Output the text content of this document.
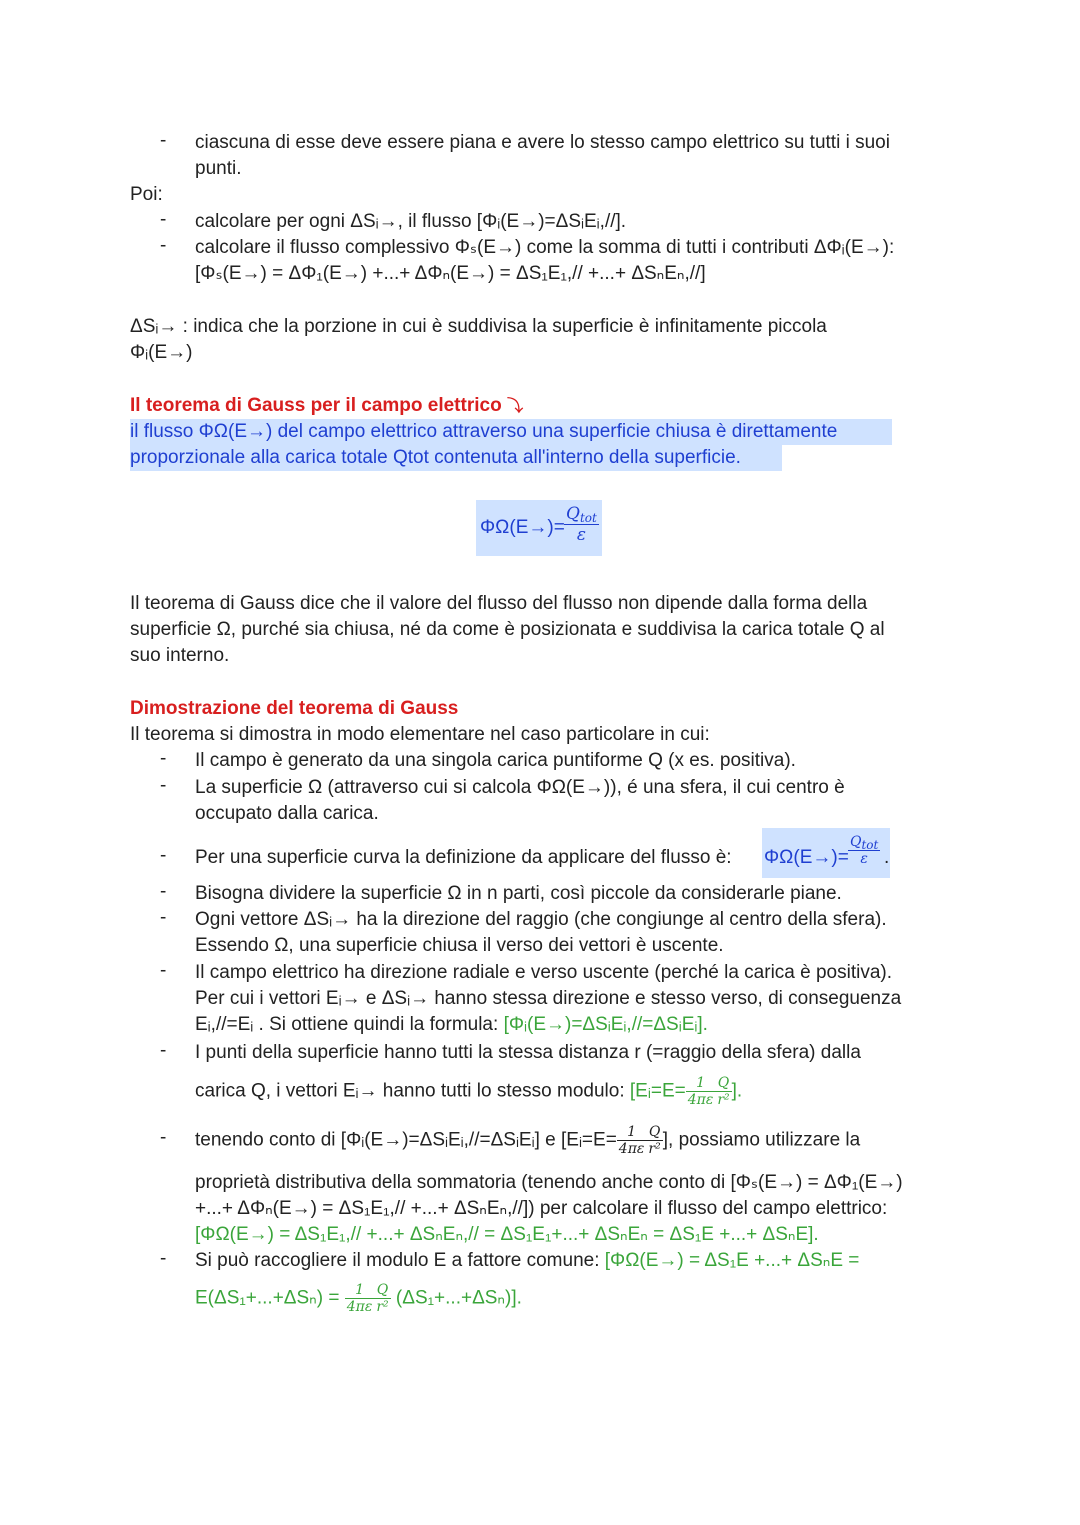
-	ciascuna di esse deve essere piana e avere lo stesso campo elettrico su tutti i suoi
punti.
Poi:
-	calcolare per ogni ΔSᵢ→, il flusso [Φᵢ(E→)=ΔSᵢEᵢ,//].
-	calcolare il flusso complessivo Φₛ(E→) come la somma di tutti i contributi ΔΦᵢ(E→):
[Φₛ(E→) = ΔΦ₁(E→) +...+ ΔΦₙ(E→) = ΔS₁E₁,// +...+ ΔSₙEₙ,//]
ΔSᵢ→ : indica che la porzione in cui è suddivisa la superficie è infinitamente piccola
Φᵢ(E→)
Il teorema di Gauss per il campo elettrico ⤵
il flusso ΦΩ(E→) del campo elettrico attraverso una superficie chiusa è direttamente
proporzionale alla carica totale Qtot contenuta all'interno della superficie.
ΦΩ(E→)=
$Q_{tot}$
ε
Il teorema di Gauss dice che il valore del flusso del flusso non dipende dalla forma della
superficie Ω, purché sia chiusa, né da come è posizionata e suddivisa la carica totale Q al
suo interno.
Dimostrazione del teorema di Gauss
Il teorema si dimostra in modo elementare nel caso particolare in cui:
-	Il campo è generato da una singola carica puntiforme Q (x es. positiva).
-	La superficie Ω (attraverso cui si calcola ΦΩ(E→)), é una sfera, il cui centro è
occupato dalla carica.
-	Per una superficie curva la definizione da applicare del flusso è: ΦΩ(E→)=
$Q_{tot}$
ε .
-	Bisogna dividere la superficie Ω in n parti, così piccole da considerarle piane.
-	Ogni vettore ΔSᵢ→ ha la direzione del raggio (che congiunge al centro della sfera).
Essendo Ω, una superficie chiusa il verso dei vettori è uscente.
-	Il campo elettrico ha direzione radiale e verso uscente (perché la carica è positiva).
Per cui i vettori Eᵢ→ e ΔSᵢ→ hanno stessa direzione e stesso verso, di conseguenza
Eᵢ,//=Eᵢ . Si ottiene quindi la formula: [Φᵢ(E→)=ΔSᵢEᵢ,//=ΔSᵢEᵢ].
-	I punti della superficie hanno tutti la stessa distanza r (=raggio della sfera) dalla
carica Q, i vettori Eᵢ→ hanno tutti lo stesso modulo: [Eᵢ=E= $\frac{1}{4\pi\varepsilon} \frac{Q}{\text{r²}}$ ].
-	tenendo conto di [Φᵢ(E→)=ΔSᵢEᵢ,//=ΔSᵢEᵢ] e [Eᵢ=E= $\frac{1}{4\pi\varepsilon} \frac{Q}{\text{r²}}$ ], possiamo utilizzare la
proprietà distributiva della sommatoria (tenendo anche conto di [Φₛ(E→) = ΔΦ₁(E→)
+...+ ΔΦₙ(E→) = ΔS₁E₁,// +...+ ΔSₙEₙ,//]) per calcolare il flusso del campo elettrico:
[ΦΩ(E→) = ΔS₁E₁,// +...+ ΔSₙEₙ,// = ΔS₁E₁+...+ ΔSₙEₙ = ΔS₁E +...+ ΔSₙE].
-	Si può raccogliere il modulo E a fattore comune: [ΦΩ(E→) = ΔS₁E +...+ ΔSₙE =
$E(\Delta S_1+...+\Delta S_n) = \frac{1}{4\pi\varepsilon} \frac{Q}{\text{r²}} (\Delta S_1+...+\Delta S_n)$].
